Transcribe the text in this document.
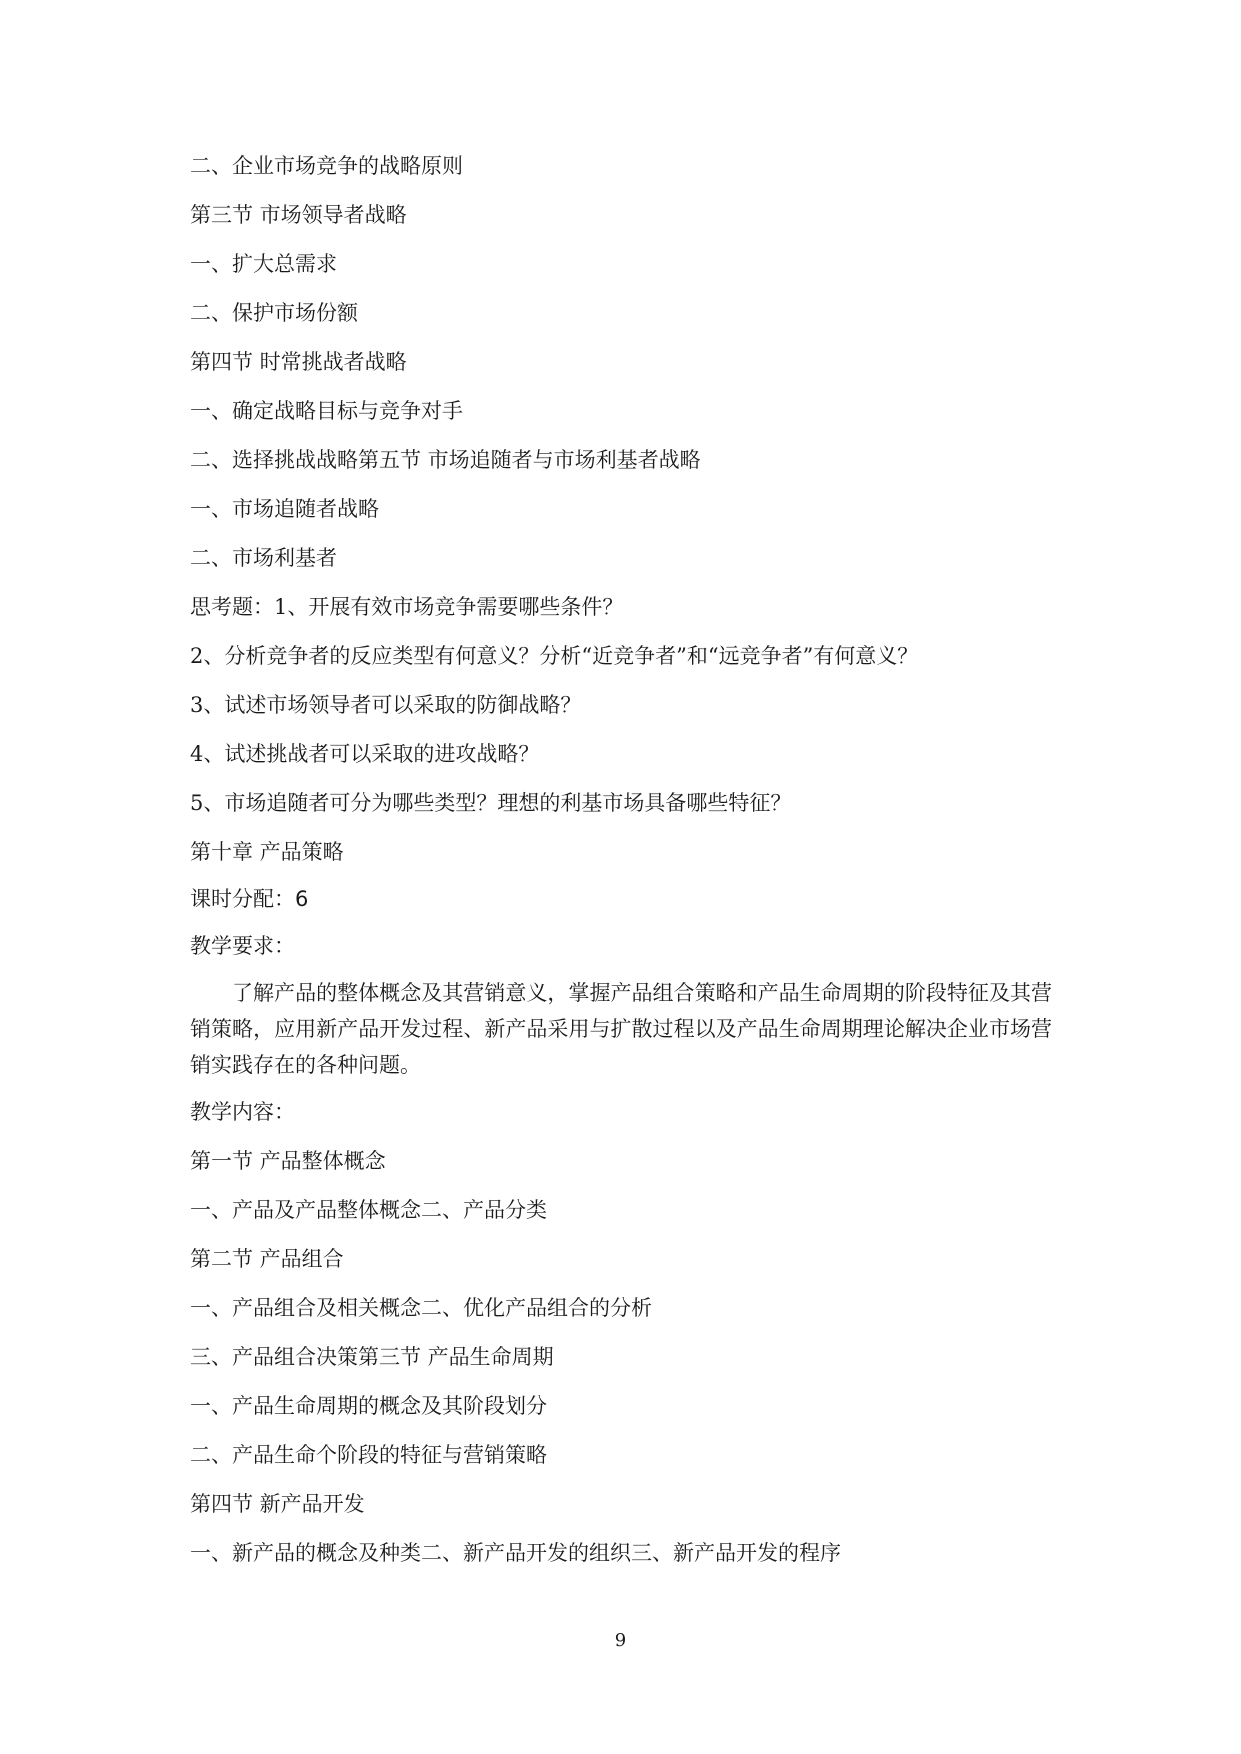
二、企业市场竞争的战略原则
第三节 市场领导者战略
一、扩大总需求
二、保护市场份额
第四节 时常挑战者战略
一、确定战略目标与竞争对手
二、选择挑战战略第五节 市场追随者与市场利基者战略
一、市场追随者战略
二、市场利基者
思考题：1、开展有效市场竞争需要哪些条件？
2、分析竞争者的反应类型有何意义？分析“近竞争者”和“远竞争者”有何意义？
3、试述市场领导者可以采取的防御战略？
4、试述挑战者可以采取的进攻战略？
5、市场追随者可分为哪些类型？理想的利基市场具备哪些特征？
第十章 产品策略
课时分配：6
教学要求：
了解产品的整体概念及其营销意义，掌握产品组合策略和产品生命周期的阶段特征及其营销策略，应用新产品开发过程、新产品采用与扩散过程以及产品生命周期理论解决企业市场营销实践存在的各种问题。
教学内容：
第一节 产品整体概念
一、产品及产品整体概念二、产品分类
第二节 产品组合
一、产品组合及相关概念二、优化产品组合的分析
三、产品组合决策第三节 产品生命周期
一、产品生命周期的概念及其阶段划分
二、产品生命个阶段的特征与营销策略
第四节 新产品开发
一、新产品的概念及种类二、新产品开发的组织三、新产品开发的程序
9
